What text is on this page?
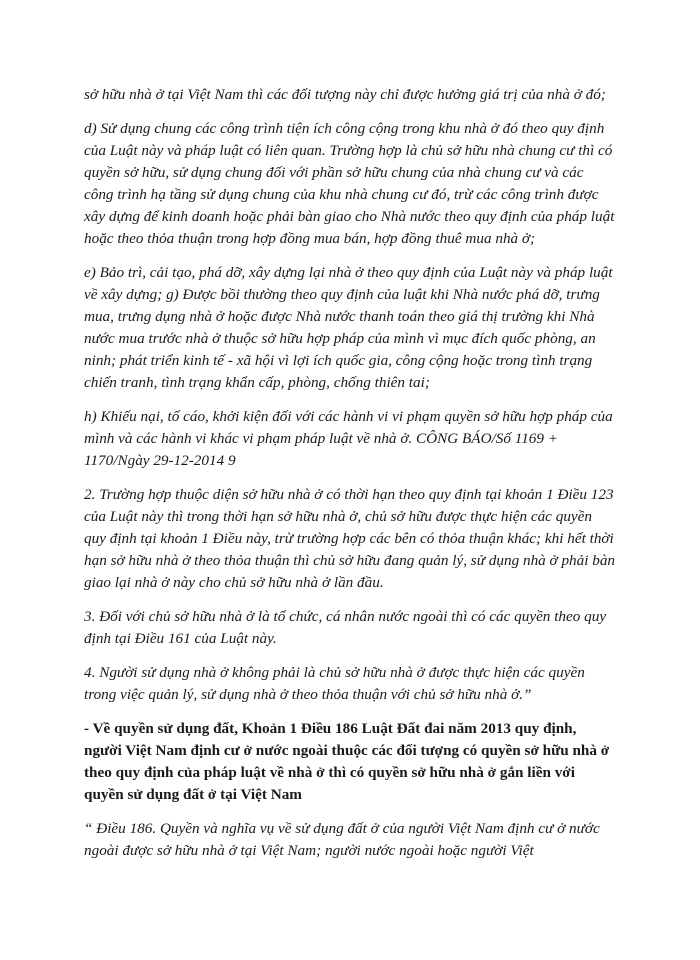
sở hữu nhà ở tại Việt Nam thì các đối tượng này chỉ được hưởng giá trị của nhà ở đó;

d) Sử dụng chung các công trình tiện ích công cộng trong khu nhà ở đó theo quy định của Luật này và pháp luật có liên quan. Trường hợp là chủ sở hữu nhà chung cư thì có quyền sở hữu, sử dụng chung đối với phần sở hữu chung của nhà chung cư và các công trình hạ tầng sử dụng chung của khu nhà chung cư đó, trừ các công trình được xây dựng để kinh doanh hoặc phải bàn giao cho Nhà nước theo quy định của pháp luật hoặc theo thỏa thuận trong hợp đồng mua bán, hợp đồng thuê mua nhà ở;

e) Bảo trì, cải tạo, phá dỡ, xây dựng lại nhà ở theo quy định của Luật này và pháp luật về xây dựng; g) Được bồi thường theo quy định của luật khi Nhà nước phá dỡ, trưng mua, trưng dụng nhà ở hoặc được Nhà nước thanh toán theo giá thị trường khi Nhà nước mua trước nhà ở thuộc sở hữu hợp pháp của mình vì mục đích quốc phòng, an ninh; phát triển kinh tế - xã hội vì lợi ích quốc gia, công cộng hoặc trong tình trạng chiến tranh, tình trạng khẩn cấp, phòng, chống thiên tai;

h) Khiếu nại, tố cáo, khởi kiện đối với các hành vi vi phạm quyền sở hữu hợp pháp của mình và các hành vi khác vi phạm pháp luật về nhà ở. CÔNG BÁO/Số 1169 + 1170/Ngày 29-12-2014 9

2. Trường hợp thuộc diện sở hữu nhà ở có thời hạn theo quy định tại khoản 1 Điều 123 của Luật này thì trong thời hạn sở hữu nhà ở, chủ sở hữu được thực hiện các quyền quy định tại khoản 1 Điều này, trừ trường hợp các bên có thỏa thuận khác; khi hết thời hạn sở hữu nhà ở theo thỏa thuận thì chủ sở hữu đang quản lý, sử dụng nhà ở phải bàn giao lại nhà ở này cho chủ sở hữu nhà ở lần đầu.

3. Đối với chủ sở hữu nhà ở là tổ chức, cá nhân nước ngoài thì có các quyền theo quy định tại Điều 161 của Luật này.

4. Người sử dụng nhà ở không phải là chủ sở hữu nhà ở được thực hiện các quyền trong việc quản lý, sử dụng nhà ở theo thỏa thuận với chủ sở hữu nhà ở.”

- Về quyền sử dụng đất, Khoản 1 Điều 186 Luật Đất đai năm 2013 quy định, người Việt Nam định cư ở nước ngoài thuộc các đối tượng có quyền sở hữu nhà ở theo quy định của pháp luật về nhà ở thì có quyền sở hữu nhà ở gắn liền với quyền sử dụng đất ở tại Việt Nam

“ Điều 186. Quyền và nghĩa vụ về sử dụng đất ở của người Việt Nam định cư ở nước ngoài được sở hữu nhà ở tại Việt Nam; người nước ngoài hoặc người Việt
